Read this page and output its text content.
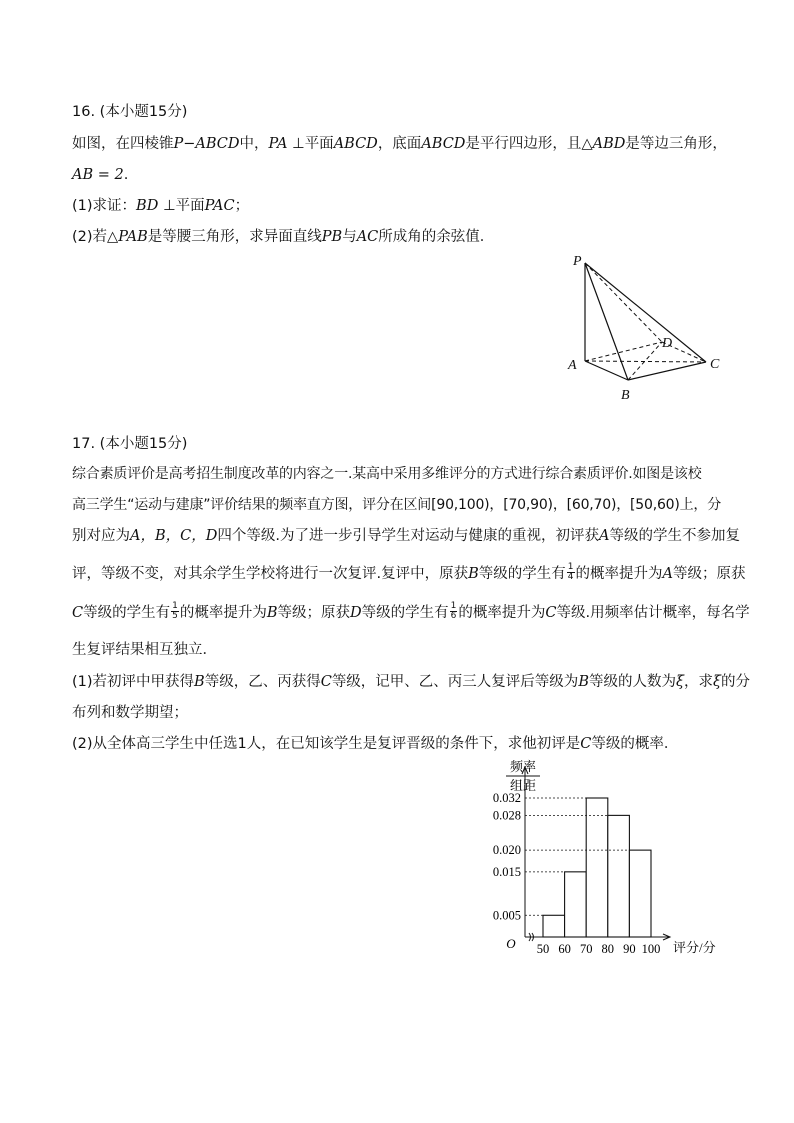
16. (本小题15分)
如图，在四棱锥P−ABCD中，PA ⊥平面ABCD，底面ABCD是平行四边形，且△ABD是等边三角形，
AB = 2.
(1)求证：BD ⊥平面PAC；
(2)若△PAB是等腰三角形，求异面直线PB与AC所成角的余弦值．
P
A
B
C
D
17. (本小题15分)
综合素质评价是高考招生制度改革的内容之一.某高中采用多维评分的方式进行综合素质评价.如图是该校
高三学生“运动与建康”评价结果的频率直方图，评分在区间[90,100)，[70,90)，[60,70)，[50,60)上，分
别对应为A，B，C，D四个等级.为了进一步引导学生对运动与健康的重视，初评获A等级的学生不参加复
评，等级不变，对其余学生学校将进行一次复评.复评中，原获B等级的学生有 $\frac{1}{4}$ 的概率提升为A等级；原获
C等级的学生有 $\frac{1}{5}$ 的概率提升为B等级；原获D等级的学生有 $\frac{1}{6}$ 的概率提升为C等级.用频率估计概率，每名学
生复评结果相互独立．
(1)若初评中甲获得B等级，乙、丙获得C等级，记甲、乙、丙三人复评后等级为B等级的人数为ξ，求ξ的分
布列和数学期望；
(2)从全体高三学生中任选1人，在已知该学生是复评晋级的条件下，求他初评是C等级的概率．
频率
组距
O	评分/分
0.032
0.028
0.020
0.015
0.005
50 60 70 80 90 100
